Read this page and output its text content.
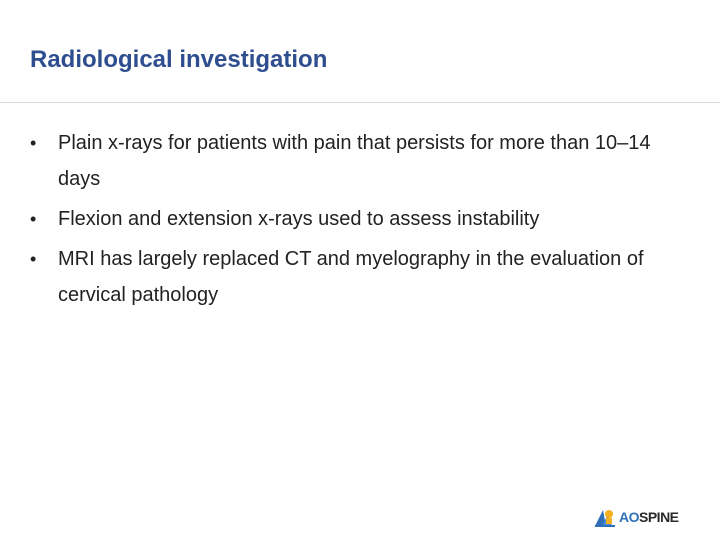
Radiological investigation
•	Plain x-rays for patients with pain that persists for more than 10–14 days
•	Flexion and extension x-rays used to assess instability
•	MRI has largely replaced CT and myelography in the evaluation of cervical pathology
AOSPINE
